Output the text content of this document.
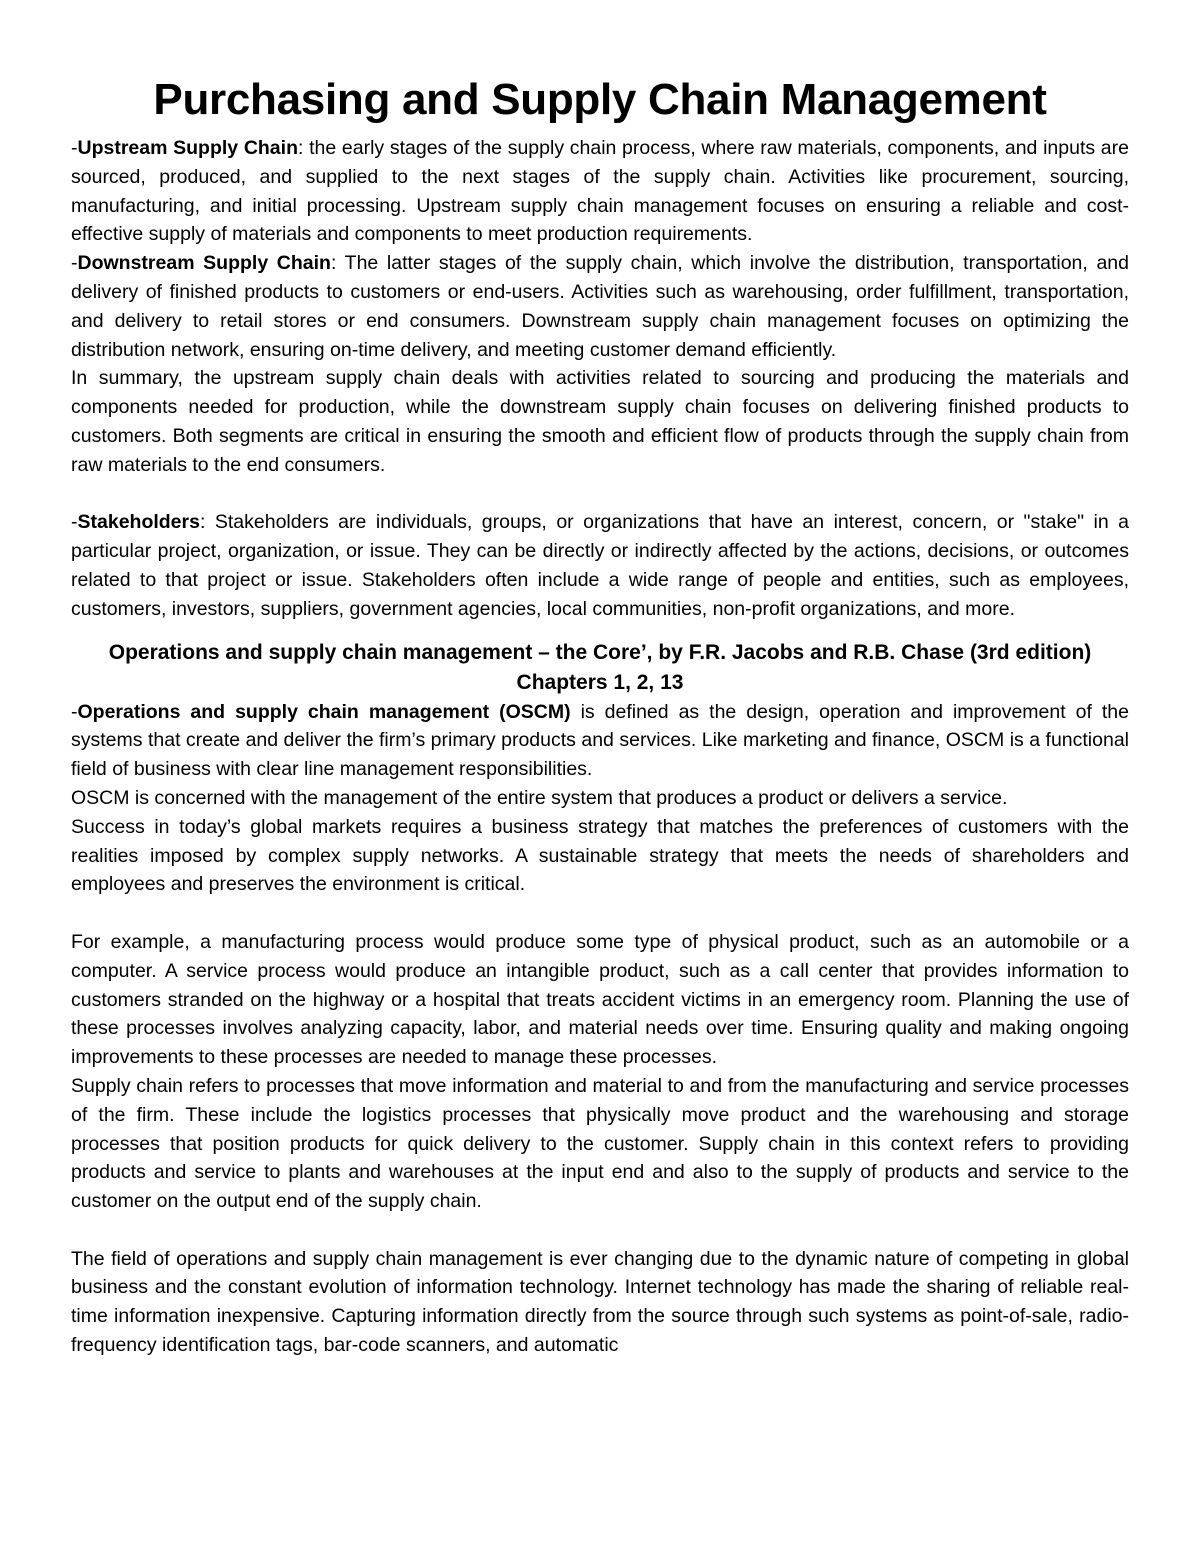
Purchasing and Supply Chain Management

-Upstream Supply Chain: the early stages of the supply chain process, where raw materials, components, and inputs are sourced, produced, and supplied to the next stages of the supply chain. Activities like procurement, sourcing, manufacturing, and initial processing. Upstream supply chain management focuses on ensuring a reliable and cost-effective supply of materials and components to meet production requirements.

-Downstream Supply Chain: The latter stages of the supply chain, which involve the distribution, transportation, and delivery of finished products to customers or end-users. Activities such as warehousing, order fulfillment, transportation, and delivery to retail stores or end consumers. Downstream supply chain management focuses on optimizing the distribution network, ensuring on-time delivery, and meeting customer demand efficiently.

In summary, the upstream supply chain deals with activities related to sourcing and producing the materials and components needed for production, while the downstream supply chain focuses on delivering finished products to customers. Both segments are critical in ensuring the smooth and efficient flow of products through the supply chain from raw materials to the end consumers.

-Stakeholders: Stakeholders are individuals, groups, or organizations that have an interest, concern, or "stake" in a particular project, organization, or issue. They can be directly or indirectly affected by the actions, decisions, or outcomes related to that project or issue. Stakeholders often include a wide range of people and entities, such as employees, customers, investors, suppliers, government agencies, local communities, non-profit organizations, and more.

Operations and supply chain management – the Core’, by F.R. Jacobs and R.B. Chase (3rd edition) Chapters 1, 2, 13

-Operations and supply chain management (OSCM) is defined as the design, operation and improvement of the systems that create and deliver the firm’s primary products and services. Like marketing and finance, OSCM is a functional field of business with clear line management responsibilities.

OSCM is concerned with the management of the entire system that produces a product or delivers a service.

Success in today’s global markets requires a business strategy that matches the preferences of customers with the realities imposed by complex supply networks. A sustainable strategy that meets the needs of shareholders and employees and preserves the environment is critical.

For example, a manufacturing process would produce some type of physical product, such as an automobile or a computer. A service process would produce an intangible product, such as a call center that provides information to customers stranded on the highway or a hospital that treats accident victims in an emergency room. Planning the use of these processes involves analyzing capacity, labor, and material needs over time. Ensuring quality and making ongoing improvements to these processes are needed to manage these processes.

Supply chain refers to processes that move information and material to and from the manufacturing and service processes of the firm. These include the logistics processes that physically move product and the warehousing and storage processes that position products for quick delivery to the customer. Supply chain in this context refers to providing products and service to plants and warehouses at the input end and also to the supply of products and service to the customer on the output end of the supply chain.

The field of operations and supply chain management is ever changing due to the dynamic nature of competing in global business and the constant evolution of information technology. Internet technology has made the sharing of reliable real-time information inexpensive. Capturing information directly from the source through such systems as point-of-sale, radio-frequency identification tags, bar-code scanners, and automatic
